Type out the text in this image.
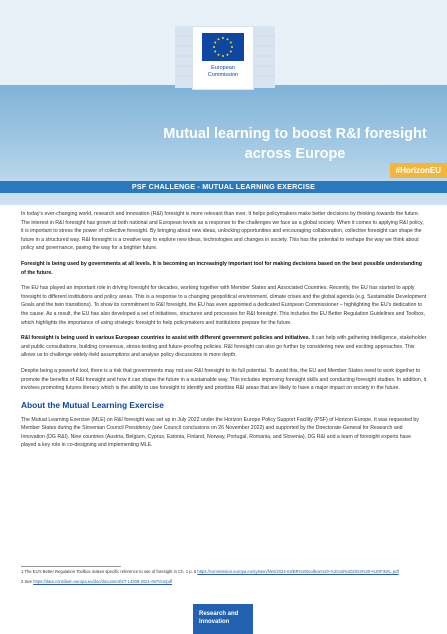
European
Commission
Mutual learning to boost R&I foresight across Europe
#HorizonEU
PSF CHALLENGE - MUTUAL LEARNING EXERCISE

In today's ever-changing world, research and innovation (R&I) foresight is more relevant than ever. It helps policymakers make better decisions by thinking towards the future. The interest in R&I foresight has grown at both national and European levels as a response to the challenges we face as a global society. When it comes to applying R&I policy, it is important to stress the power of collective foresight. By bringing about new ideas, unlocking opportunities and encouraging collaboration, collective foresight can shape the future in a structured way. R&I foresight is a creative way to explore new ideas, technologies and changes in society. This has the potential to reshape the way we think about policy and governance, paving the way for a brighter future.

Foresight is being used by governments at all levels. It is becoming an increasingly important tool for making decisions based on the best possible understanding of the future.

The EU has played an important role in driving foresight for decades, working together with Member States and Associated Countries. Recently, the EU has started to apply foresight to different institutions and policy areas. This is a response to a changing geopolitical environment, climate crises and the global agenda (e.g. Sustainable Development Goals and the twin transitions). To show its commitment to R&I foresight, the EU has even appointed a dedicated European Commissioner – highlighting the EU's dedication to the cause. As a result, the EU has also developed a set of initiatives, structures and processes for R&I foresight. This includes the EU Better Regulation Guidelines and Toolbox, which highlights the importance of using strategic foresight to help policymakers and institutions prepare for the future.

R&I foresight is being used in various European countries to assist with different government policies and initiatives. It can help with gathering intelligence, stakeholder and public consultations, building consensus, stress-testing and future-proofing policies. R&I foresight can also go further by considering new and exciting approaches. This allows us to challenge widely-held assumptions and analyse policy discussions in more depth.

Despite being a powerful tool, there is a risk that governments may not use R&I foresight to its full potential. To avoid this, the EU and Member States need to work together to promote the benefits of R&I foresight and how it can shape the future in a sustainable way. This includes improving foresight skills and conducting foresight studies. In addition, it involves promoting futures literacy which is the ability to use foresight to identify and prioritise R&I areas that are likely to have a major impact on society in the future.

About the Mutual Learning Exercise

The Mutual Learning Exercise (MLE) on R&I foresight was set up in July 2022 under the Horizon Europe Policy Support Facility (PSF) of Horizon Europe. It was requested by Member States during the Slovenian Council Presidency (see Council conclusions on 26 November 2022) and supported by the Directorate-General for Research and Innovation (DG R&I). Nine countries (Austria, Belgium, Cyprus, Estonia, Finland, Norway, Portugal, Romania, and Slovenia), DG R&I and a team of foresight experts have played a key role in co-designing and implementing MLE.

1 The EU's Better Regulation Toolbox makes specific reference to use of foresight in Ch. 1 p. 5 https://commission.europa.eu/system/files/2023-03/BR%20toolbox%20-%20Jul%202023%20-%20FINAL.pdf
2 See https://data.consilium.europa.eu/doc/document/ST-14308-2021-INIT/en/pdf
Research and
Innovation
